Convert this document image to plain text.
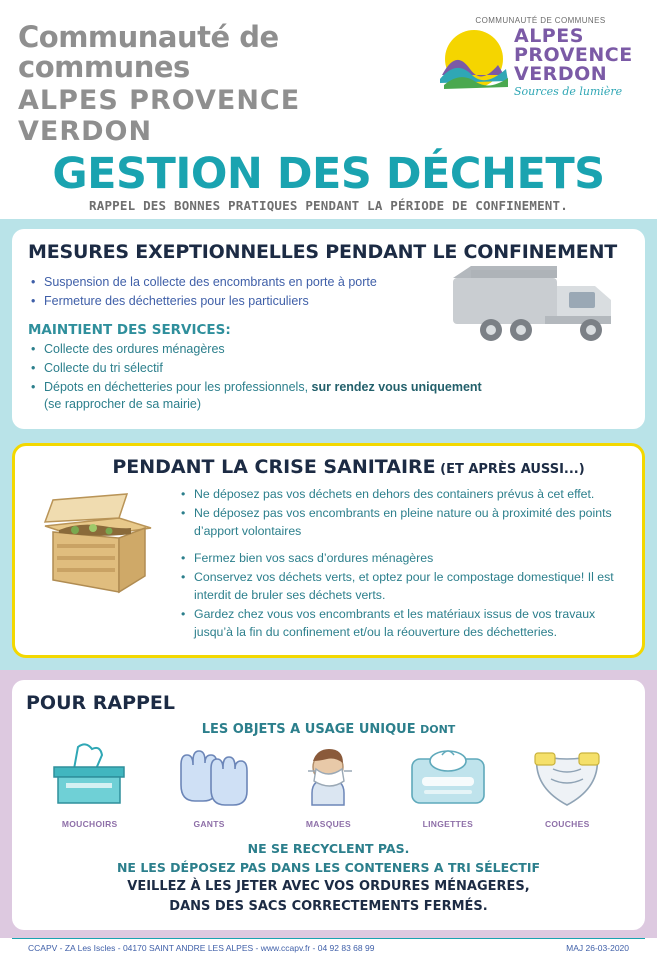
Communauté de communes
ALPES PROVENCE VERDON
COMMUNAUTÉ DE COMMUNES
ALPES
PROVENCE
VERDON
Sources de lumière
GESTION DES DÉCHETS
RAPPEL DES BONNES PRATIQUES PENDANT LA PÉRIODE DE CONFINEMENT.
MESURES EXEPTIONNELLES PENDANT LE CONFINEMENT
• Suspension de la collecte des encombrants en porte à porte
• Fermeture des déchetteries pour les particuliers
MAINTIENT DES SERVICES:
• Collecte des ordures ménagères
• Collecte du tri sélectif
• Dépots en déchetteries pour les professionnels, sur rendez vous uniquement
(se rapprocher de sa mairie)
PENDANT LA CRISE SANITAIRE (ET APRÈS AUSSI...)
• Ne déposez pas vos déchets en dehors des containers prévus à cet effet.
• Ne déposez pas vos encombrants en pleine nature ou à proximité des points d’apport volontaires
• Fermez bien vos sacs d’ordures ménagères
• Conservez vos déchets verts, et optez pour le compostage domestique! Il est interdit de bruler ses déchets verts.
• Gardez chez vous vos encombrants et les matériaux issus de vos travaux jusqu’à la fin du confinement et/ou la réouverture des déchetteries.
POUR RAPPEL
LES OBJETS A USAGE UNIQUE DONT
MOUCHOIRS	GANTS	MASQUES	LINGETTES	COUCHES
NE SE RECYCLENT PAS.
NE LES DÉPOSEZ PAS DANS LES CONTENERS A TRI SÉLECTIF
VEILLEZ À LES JETER AVEC VOS ORDURES MÉNAGERES,
DANS DES SACS CORRECTEMENTS FERMÉS.
CCAPV - ZA Les Iscles - 04170 SAINT ANDRE LES ALPES - www.ccapv.fr - 04 92 83 68 99	MAJ 26-03-2020
